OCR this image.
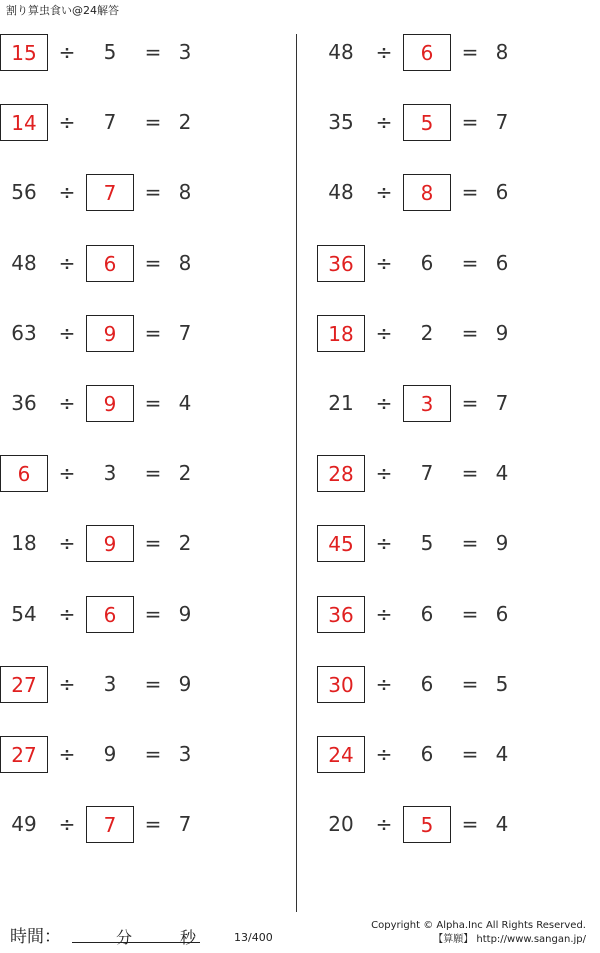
割り算虫食い@24解答
15	÷	5	= 3
14	÷	7	= 2
56	÷	7	= 8
48	÷	6	= 8
63	÷	9	= 7
36	÷	9	= 4
6	÷	3	= 2
18	÷	9	= 2
54	÷	6	= 9
27	÷	3	= 9
27	÷	9	= 3
49	÷	7	= 7
48	÷	6	= 8
35	÷	5	= 7
48	÷	8	= 6
36	÷	6	= 6
18	÷	2	= 9
21	÷	3	= 7
28	÷	7	= 4
45	÷	5	= 9
36	÷	6	= 6
30	÷	6	= 5
24	÷	6	= 4
20	÷	5	= 4
時間：	分	秒	13/400
Copyright © Alpha.Inc All Rights Reserved.
【算願】 http://www.sangan.jp/
